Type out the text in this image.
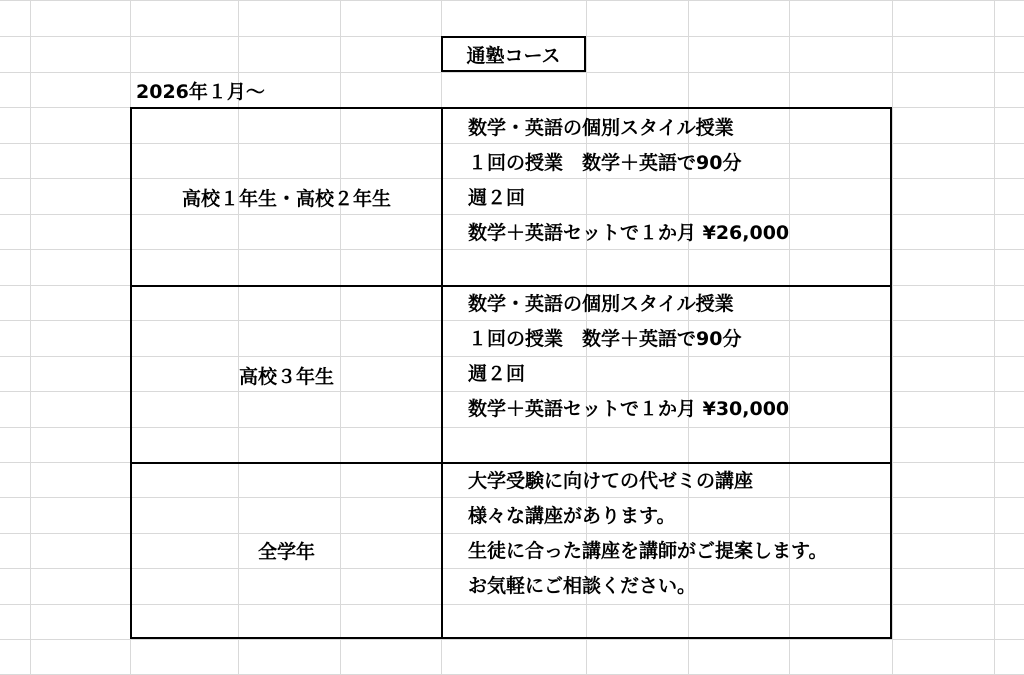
通塾コース
2026年１月～
高校１年生・高校２年生
数学・英語の個別スタイル授業
１回の授業　数学＋英語で90分
週２回
数学＋英語セットで１か月 ¥26,000
高校３年生
数学・英語の個別スタイル授業
１回の授業　数学＋英語で90分
週２回
数学＋英語セットで１か月 ¥30,000
全学年
大学受験に向けての代ゼミの講座
様々な講座があります。
生徒に合った講座を講師がご提案します。
お気軽にご相談ください。
